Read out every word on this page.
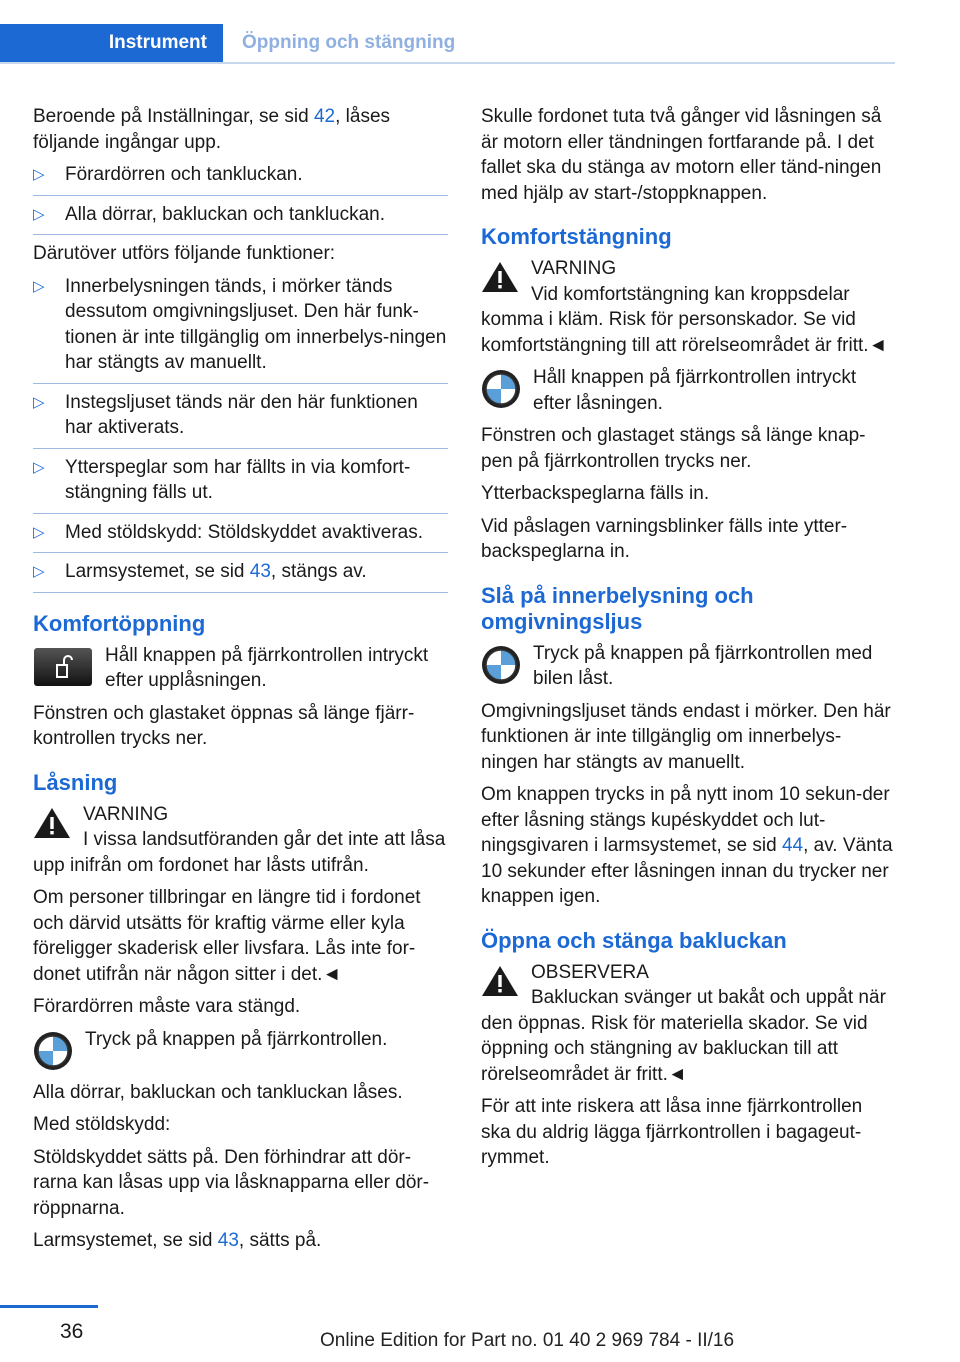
Instrument	Öppning och stängning

Beroende på Inställningar, se sid 42, låses följande ingångar upp.

▷ Förardörren och tankluckan.
▷ Alla dörrar, bakluckan och tankluckan.

Därutöver utförs följande funktioner:

▷ Innerbelysningen tänds, i mörker tänds dessutom omgivningsljuset. Den här funk‐tionen är inte tillgänglig om innerbelys‐ningen har stängts av manuellt.
▷ Instegsljuset tänds när den här funktionen har aktiverats.
▷ Ytterspeglar som har fällts in via komfort‐stängning fälls ut.
▷ Med stöldskydd: Stöldskyddet avaktiveras.
▷ Larmsystemet, se sid 43, stängs av.
Komfortöppning
Håll knappen på fjärrkontrollen intryckt efter upplåsningen.

Fönstren och glastaket öppnas så länge fjärr‐kontrollen trycks ner.

Låsning
VARNING
I vissa landsutföranden går det inte att låsa upp inifrån om fordonet har låsts utifrån.

Om personer tillbringar en längre tid i fordonet och därvid utsätts för kraftig värme eller kyla föreligger skaderisk eller livsfara. Lås inte for‐donet utifrån när någon sitter i det.◄

Förardörren måste vara stängd.

Tryck på knappen på fjärrkontrollen.

Alla dörrar, bakluckan och tankluckan låses.

Med stöldskydd:

Stöldskyddet sätts på. Den förhindrar att dör‐rarna kan låsas upp via låsknapparna eller dör‐röppnarna.

Larmsystemet, se sid 43, sätts på.

Skulle fordonet tuta två gånger vid låsningen så är motorn eller tändningen fortfarande på. I det fallet ska du stänga av motorn eller tänd‐ningen med hjälp av start-/stoppknappen.

Komfortstängning
VARNING
Vid komfortstängning kan kroppsdelar komma i kläm. Risk för personskador. Se vid komfortstängning till att rörelseområdet är fritt.◄
Håll knappen på fjärrkontrollen intryckt efter låsningen.

Fönstren och glastaget stängs så länge knap‐pen på fjärrkontrollen trycks ner.

Ytterbackspeglarna fälls in.

Vid påslagen varningsblinker fälls inte ytter‐backspeglarna in.

Slå på innerbelysning och omgivningsljus
Tryck på knappen på fjärrkontrollen med bilen låst.

Omgivningsljuset tänds endast i mörker. Den här funktionen är inte tillgänglig om innerbelys‐ningen har stängts av manuellt.

Om knappen trycks in på nytt inom 10 sekun‐der efter låsning stängs kupéskyddet och lut‐ningsgivaren i larmsystemet, se sid 44, av. Vänta 10 sekunder efter låsningen innan du trycker ner knappen igen.

Öppna och stänga bakluckan
OBSERVERA
Bakluckan svänger ut bakåt och uppåt när den öppnas. Risk för materiella skador. Se vid öppning och stängning av bakluckan till att rörelseområdet är fritt.◄

För att inte riskera att låsa inne fjärrkontrollen ska du aldrig lägga fjärrkontrollen i bagageut‐rymmet.

36	Online Edition for Part no. 01 40 2 969 784 - II/16
